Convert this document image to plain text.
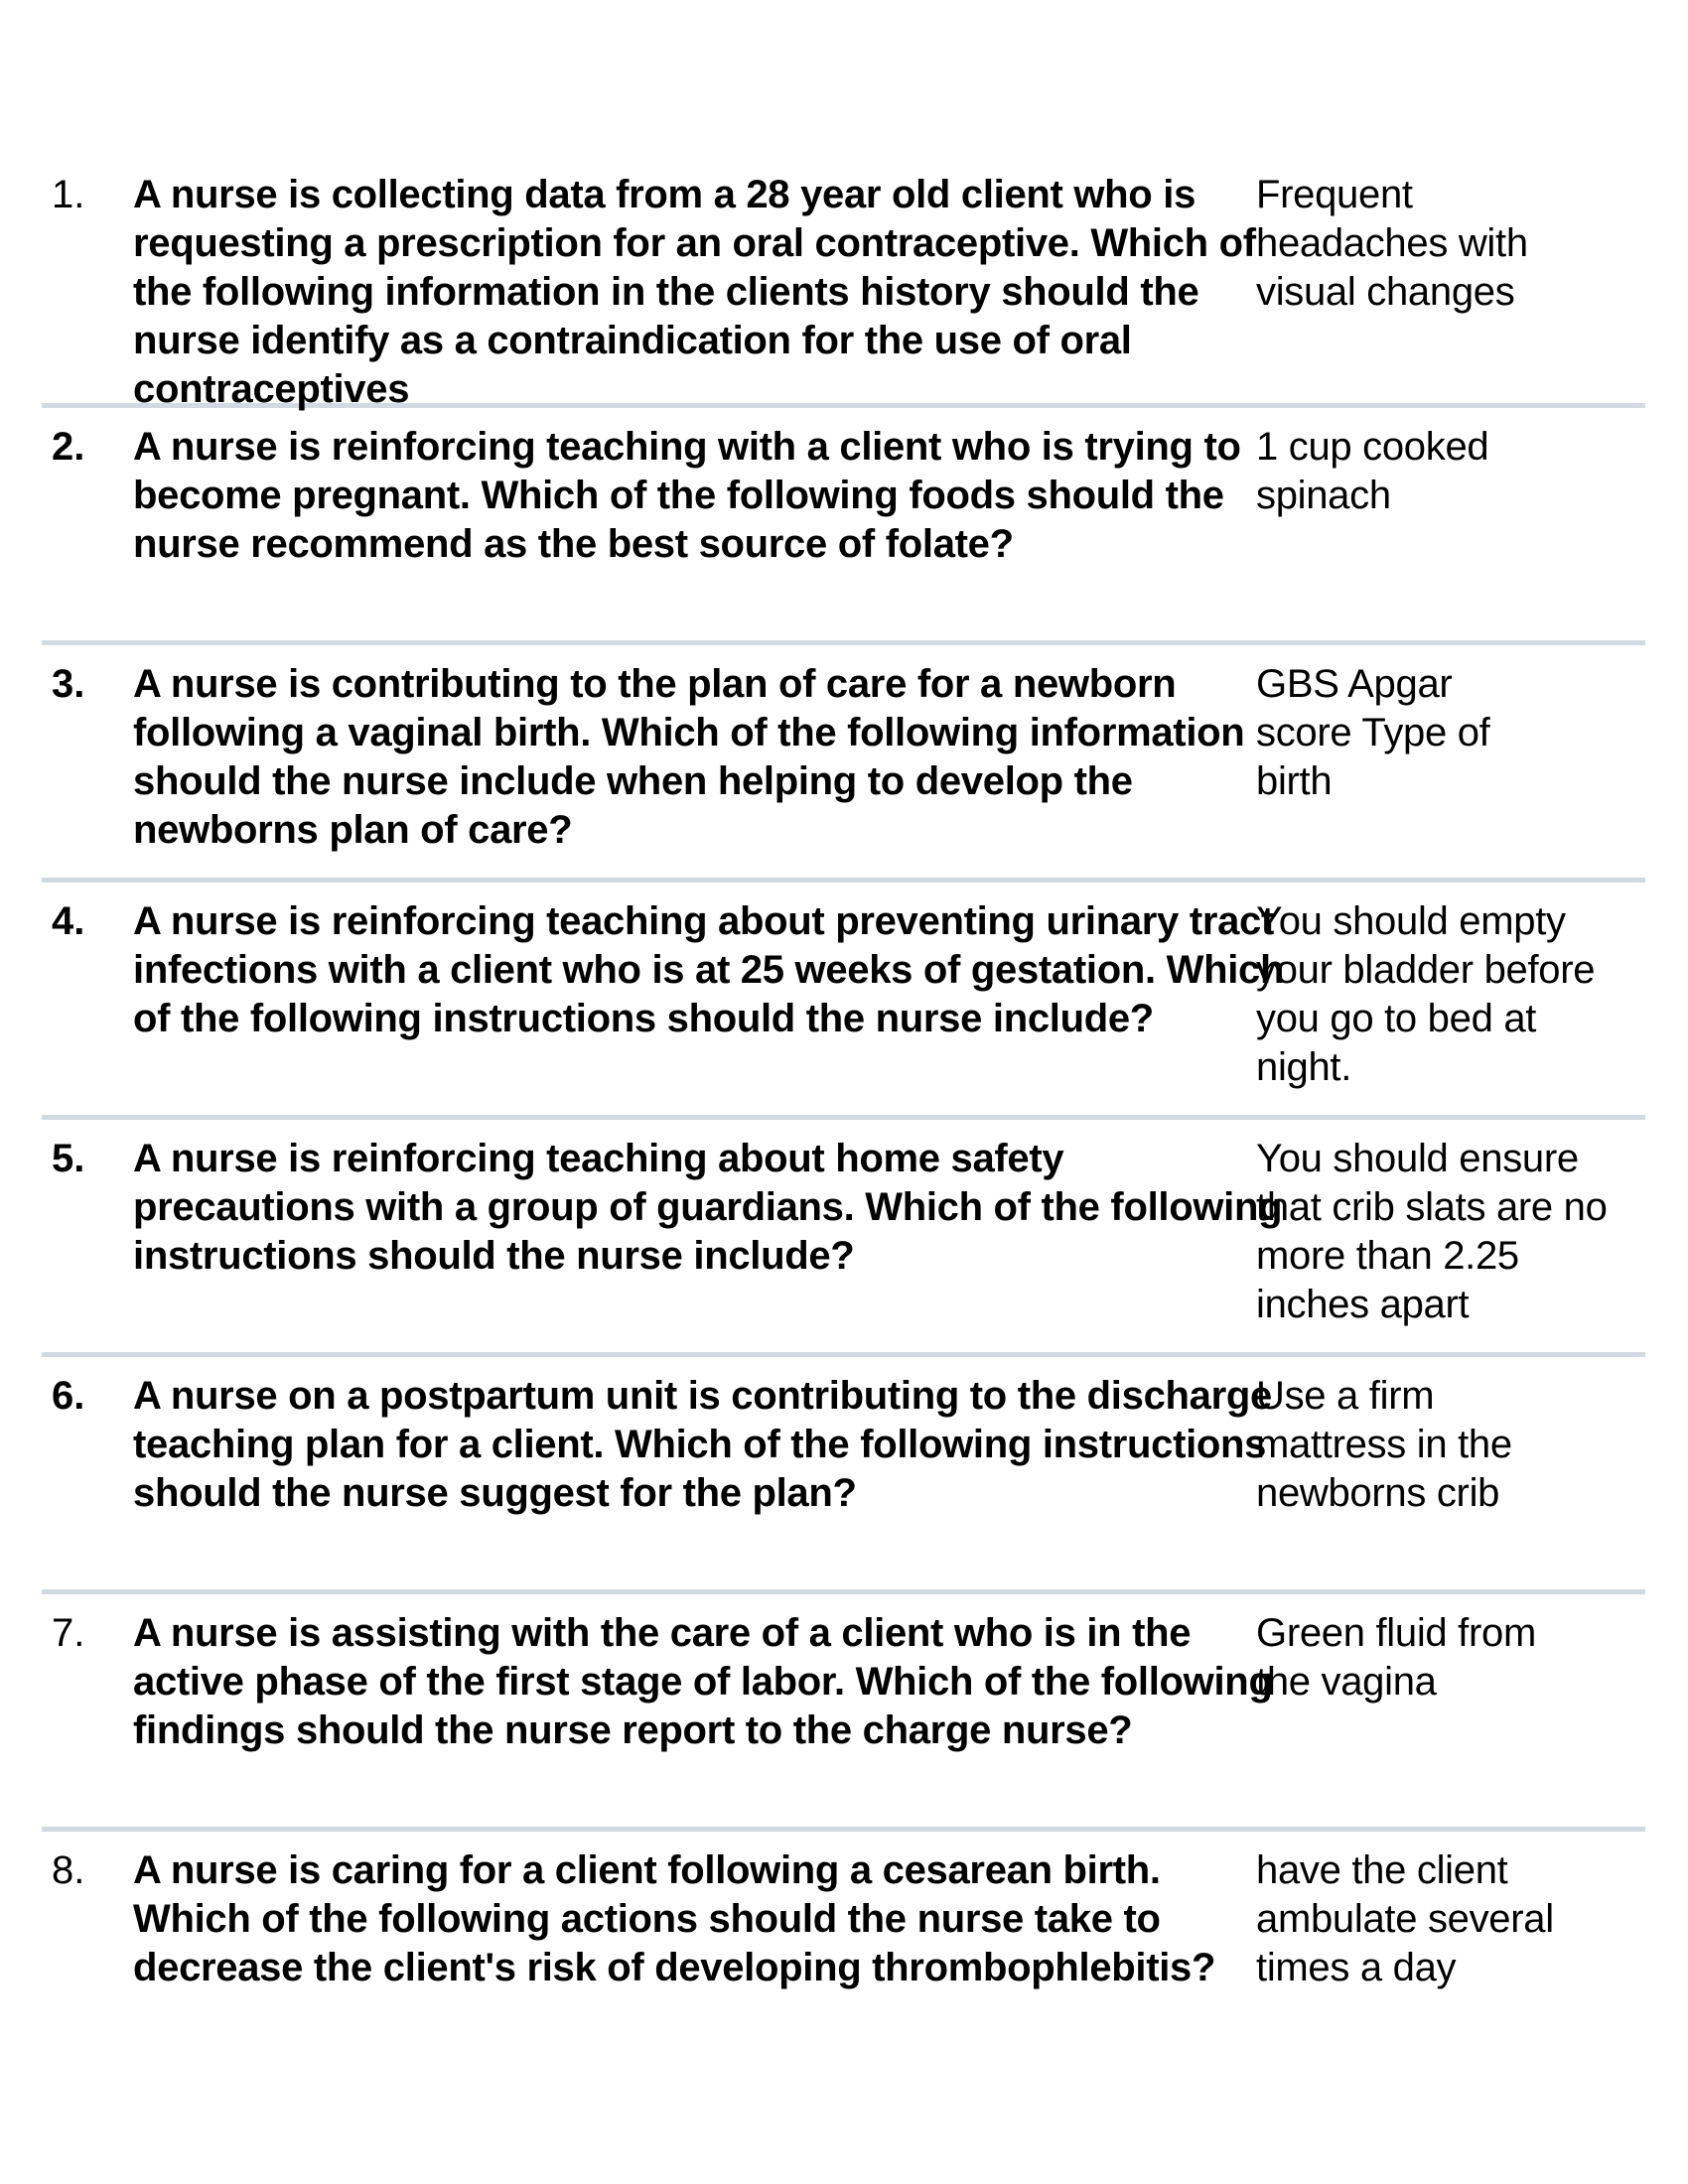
1. A nurse is collecting data from a 28 year old client who is requesting a prescription for an oral contraceptive. Which of the following information in the clients history should the nurse identify as a contraindication for the use of oral contraceptives
Frequent headaches with visual changes
2. A nurse is reinforcing teaching with a client who is trying to become pregnant. Which of the following foods should the nurse recommend as the best source of folate?
1 cup cooked spinach
3. A nurse is contributing to the plan of care for a newborn following a vaginal birth. Which of the following information should the nurse include when helping to develop the newborns plan of care?
GBS Apgar score Type of birth
4. A nurse is reinforcing teaching about preventing urinary tract infections with a client who is at 25 weeks of gestation. Which of the following instructions should the nurse include?
You should empty your bladder before you go to bed at night.
5. A nurse is reinforcing teaching about home safety precautions with a group of guardians. Which of the following instructions should the nurse include?
You should ensure that crib slats are no more than 2.25 inches apart
6. A nurse on a postpartum unit is contributing to the discharge teaching plan for a client. Which of the following instructions should the nurse suggest for the plan?
Use a firm mattress in the newborns crib
7. A nurse is assisting with the care of a client who is in the active phase of the first stage of labor. Which of the following findings should the nurse report to the charge nurse?
Green fluid from the vagina
8. A nurse is caring for a client following a cesarean birth. Which of the following actions should the nurse take to decrease the client's risk of developing thrombophlebitis?
have the client ambulate several times a day
